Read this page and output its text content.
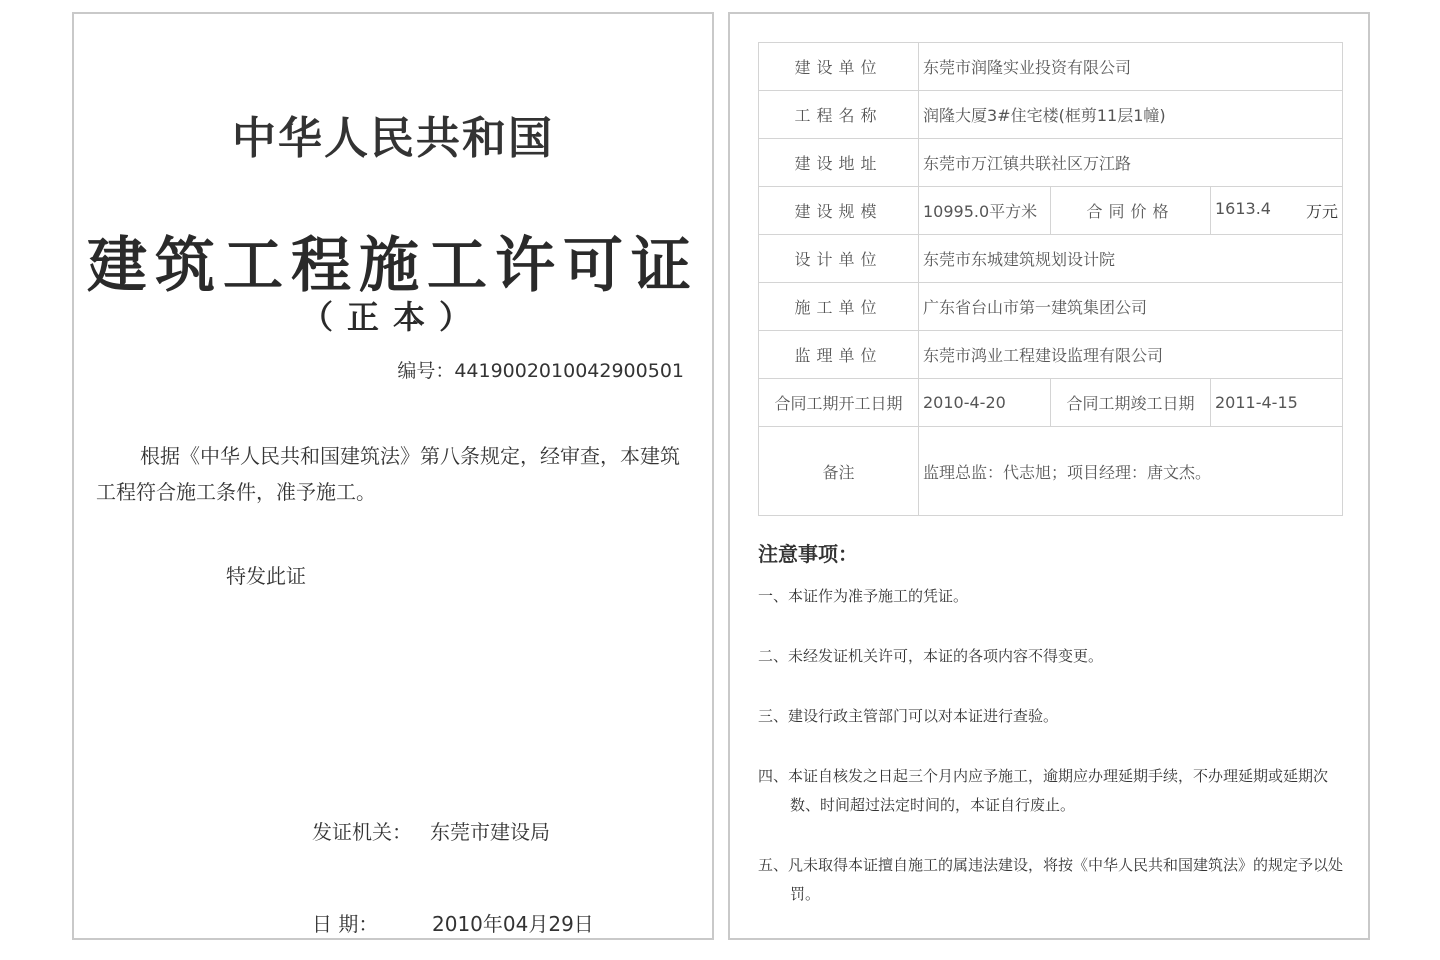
中华人民共和国
建筑工程施工许可证
（正本）
编号：441900201004290050​1
根据《中华人民共和国建筑法》第八条规定，经审查，本建筑工程符合施工条件，准予施工。
特发此证
发证机关： 东莞市建设局
日 期：	2010年04月29日
建设单位	东莞市润隆实业投资有限公司		
工程名称	润隆大厦3#住宅楼(框剪11层1幢)		
建设地址	东莞市万江镇共联社区万江路		
建设规模	10995.0平方米	合同价格	1613.4 万元

设计单位	东莞市东城建筑规划设计院		
施工单位	广东省台山市第一建筑集团公司		
监理单位	东莞市鸿业工程建设监理有限公司		
合同工期开工日期	2010-4-20	合同工期竣工日期	2011-4-15
备注	监理总监：代志旭；项目经理：唐文杰。		
注意事项：
一、本证作为准予施工的凭证。
二、未经发证机关许可，本证的各项内容不得变更。
三、建设行政主管部门可以对本证进行查验。
四、本证自核发之日起三个月内应予施工，逾期应办理延期手续，不办理延期或延期次数、时间超过法定时间的，本证自行废止。
五、凡未取得本证擅自施工的属违法建设，将按《中华人民共和国建筑法》的规定予以处罚。
